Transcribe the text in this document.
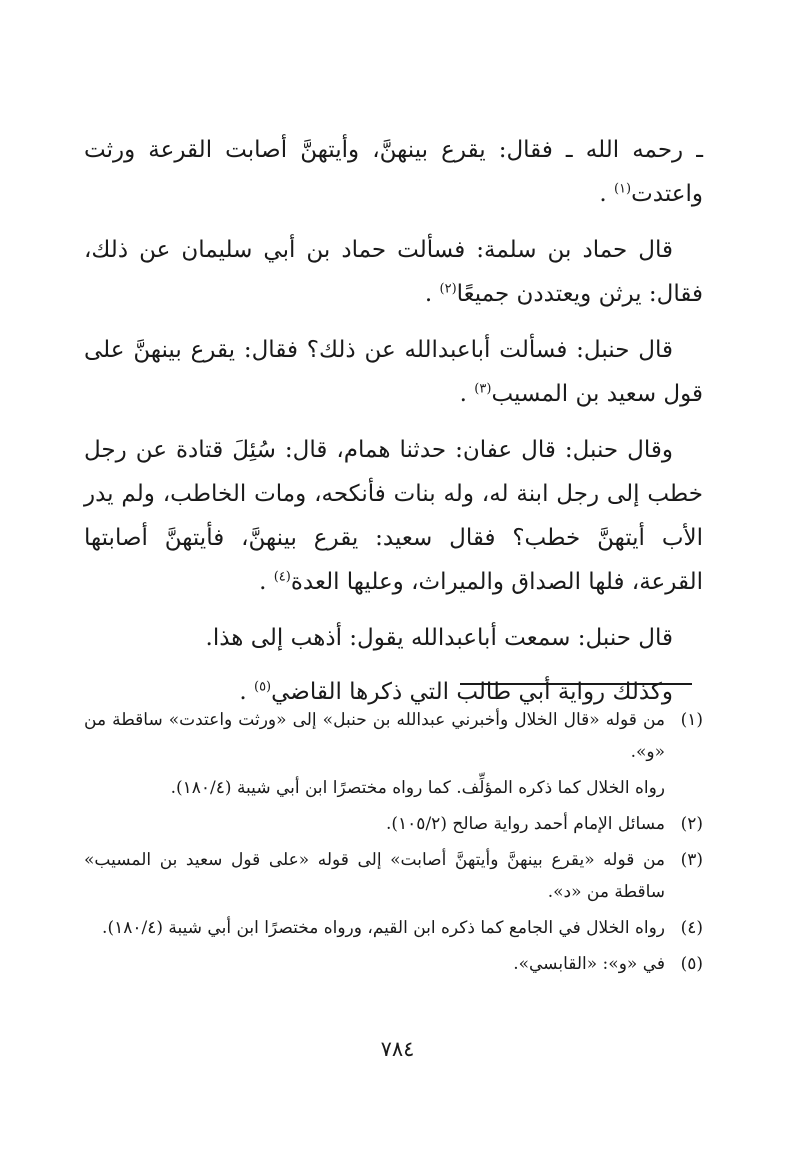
ـ رحمه الله ـ فقال: يقرع بينهنَّ، وأيتهنَّ أصابت القرعة ورثت واعتدت$^{(١)}$ .

قال حماد بن سلمة: فسألت حماد بن أبي سليمان عن ذلك، فقال: يرثن ويعتددن جميعًا$^{(٢)}$ .

قال حنبل: فسألت أباعبدالله عن ذلك؟ فقال: يقرع بينهنَّ على قول سعيد بن المسيب$^{(٣)}$ .

وقال حنبل: قال عفان: حدثنا همام، قال: سُئِلَ قتادة عن رجل خطب إلى رجل ابنة له، وله بنات فأنكحه، ومات الخاطب، ولم يدر الأب أيتهنَّ خطب؟ فقال سعيد: يقرع بينهنَّ، فأيتهنَّ أصابتها القرعة، فلها الصداق والميراث، وعليها العدة$^{(٤)}$ .

قال حنبل: سمعت أباعبدالله يقول: أذهب إلى هذا.

وكذلك رواية أبي طالب التي ذكرها القاضي$^{(٥)}$ .

(١)
من قوله «قال الخلال وأخبرني عبدالله بن حنبل» إلى «ورثت واعتدت» ساقطة من «و».
رواه الخلال كما ذكره المؤلِّف. كما رواه مختصرًا ابن أبي شيبة (١٨٠/٤).
(٢)
مسائل الإمام أحمد رواية صالح (١٠٥/٢).
(٣)
من قوله «يقرع بينهنَّ وأيتهنَّ أصابت» إلى قوله «على قول سعيد بن المسيب» ساقطة من «د».
(٤)
رواه الخلال في الجامع كما ذكره ابن القيم، ورواه مختصرًا ابن أبي شيبة (١٨٠/٤).
(٥)
في «و»: «القابسي».
٧٨٤
